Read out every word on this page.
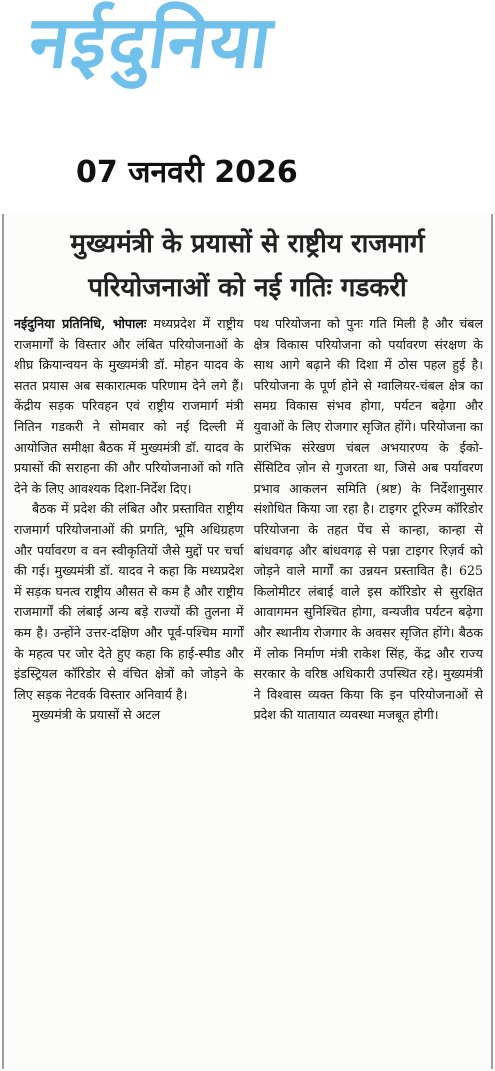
नईदुनिया
07 जनवरी 2026
मुख्यमंत्री के प्रयासों से राष्ट्रीय राजमार्ग
परियोजनाओं को नई गतिः गडकरी

नईदुनिया प्रतिनिधि, भोपालः मध्यप्रदेश में राष्ट्रीय राजमार्गों के विस्तार और लंबित परियोजनाओं के शीघ्र क्रियान्वयन के मुख्यमंत्री डॉ. मोहन यादव के सतत प्रयास अब सकारात्मक परिणाम देने लगे हैं। केंद्रीय सड़क परिवहन एवं राष्ट्रीय राजमार्ग मंत्री नितिन गडकरी ने सोमवार को नई दिल्ली में आयोजित समीक्षा बैठक में मुख्यमंत्री डॉ. यादव के प्रयासों की सराहना की और परियोजनाओं को गति देने के लिए आवश्यक दिशा-निर्देश दिए।

बैठक में प्रदेश की लंबित और प्रस्तावित राष्ट्रीय राजमार्ग परियोजनाओं की प्रगति, भूमि अधिग्रहण और पर्यावरण व वन स्वीकृतियों जैसे मुद्दों पर चर्चा की गई। मुख्यमंत्री डॉ. यादव ने कहा कि मध्यप्रदेश में सड़क घनत्व राष्ट्रीय औसत से कम है और राष्ट्रीय राजमार्गों की लंबाई अन्य बड़े राज्यों की तुलना में कम है। उन्होंने उत्तर-दक्षिण और पूर्व-पश्चिम मार्गों के महत्व पर जोर देते हुए कहा कि हाई-स्पीड और इंडस्ट्रियल कॉरिडोर से वंचित क्षेत्रों को जोड़ने के लिए सड़क नेटवर्क विस्तार अनिवार्य है।

मुख्यमंत्री के प्रयासों से अटल

पथ परियोजना को पुनः गति मिली है और चंबल क्षेत्र विकास परियोजना को पर्यावरण संरक्षण के साथ आगे बढ़ाने की दिशा में ठोस पहल हुई है। परियोजना के पूर्ण होने से ग्वालियर-चंबल क्षेत्र का समग्र विकास संभव होगा, पर्यटन बढ़ेगा और युवाओं के लिए रोजगार सृजित होंगे। परियोजना का प्रारंभिक संरेखण चंबल अभयारण्य के ईको-सेंसिटिव ज़ोन से गुजरता था, जिसे अब पर्यावरण प्रभाव आकलन समिति (श्रष्ट) के निर्देशानुसार संशोधित किया जा रहा है। टाइगर टूरिज्म कॉरिडोर परियोजना के तहत पेंच से कान्हा, कान्हा से बांधवगढ़ और बांधवगढ़ से पन्ना टाइगर रिज़र्व को जोड़ने वाले मार्गों का उन्नयन प्रस्तावित है। 625 किलोमीटर लंबाई वाले इस कॉरिडोर से सुरक्षित आवागमन सुनिश्चित होगा, वन्यजीव पर्यटन बढ़ेगा और स्थानीय रोजगार के अवसर सृजित होंगे। बैठक में लोक निर्माण मंत्री राकेश सिंह, केंद्र और राज्य सरकार के वरिष्ठ अधिकारी उपस्थित रहे। मुख्यमंत्री ने विश्वास व्यक्त किया कि इन परियोजनाओं से प्रदेश की यातायात व्यवस्था मजबूत होगी।
